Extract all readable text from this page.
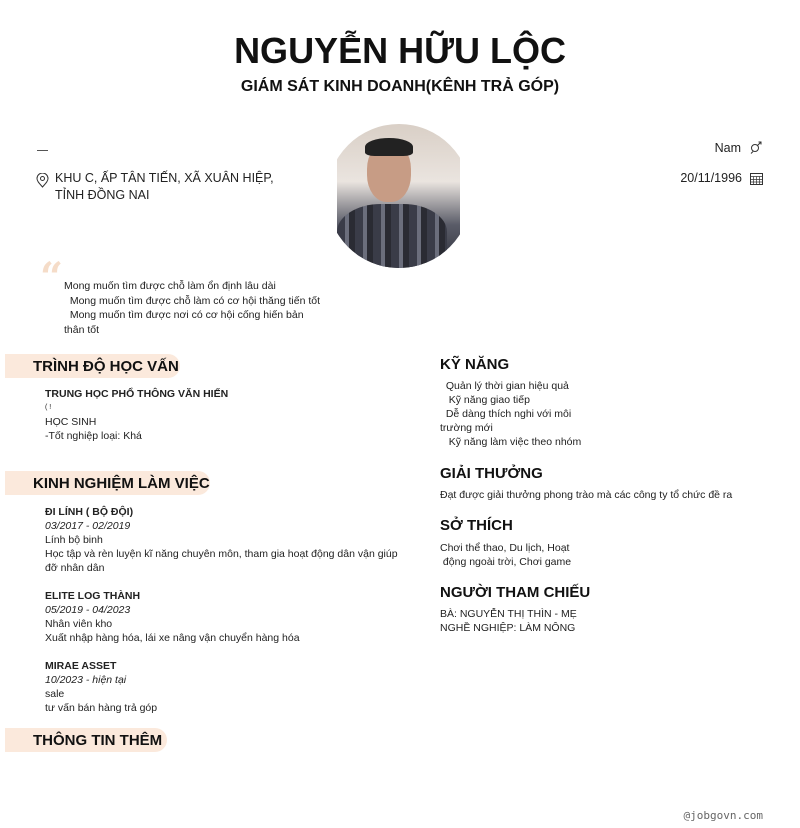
NGUYỄN HỮU LỘC
GIÁM SÁT KINH DOANH(KÊNH TRẢ GÓP)
KHU C, ẤP TÂN TIẾN, XÃ XUÂN HIỆP, TỈNH ĐỒNG NAI
Nam
20/11/1996
“ Mong muốn tìm được chỗ làm ổn định lâu dài
Mong muốn tìm được chỗ làm có cơ hội thăng tiến tốt
Mong muốn tìm được nơi có cơ hội cống hiến bản thân tốt
TRÌNH ĐỘ HỌC VẤN
TRUNG HỌC PHỔ THÔNG VĂN HIẾN
( !
HỌC SINH
-Tốt nghiệp loại: Khá
KINH NGHIỆM LÀM VIỆC
ĐI LÍNH ( BỘ ĐỘI)
03/2017 - 02/2019
Lính bộ binh
Học tập và rèn luyện kĩ năng chuyên môn, tham gia hoạt động dân vận giúp đỡ nhân dân
ELITE LOG THÀNH
05/2019 - 04/2023
Nhân viên kho
Xuất nhập hàng hóa, lái xe nâng vận chuyển hàng hóa
MIRAE ASSET
10/2023 - hiện tại
sale
tư vấn bán hàng trả góp
THÔNG TIN THÊM
KỸ NĂNG
Quản lý thời gian hiệu quả
Kỹ năng giao tiếp
Dễ dàng thích nghi với môi
trường mới
Kỹ năng làm việc theo nhóm
GIẢI THƯỞNG
Đạt được giải thưởng phong trào mà các công ty tổ chức đề ra
SỞ THÍCH
Chơi thể thao, Du lịch, Hoạt
động ngoài trời, Chơi game
NGƯỜI THAM CHIẾU
BÀ: NGUYỄN THỊ THÌN - MẸ
NGHỀ NGHIỆP: LÀM NÔNG
@jobgovn.com
